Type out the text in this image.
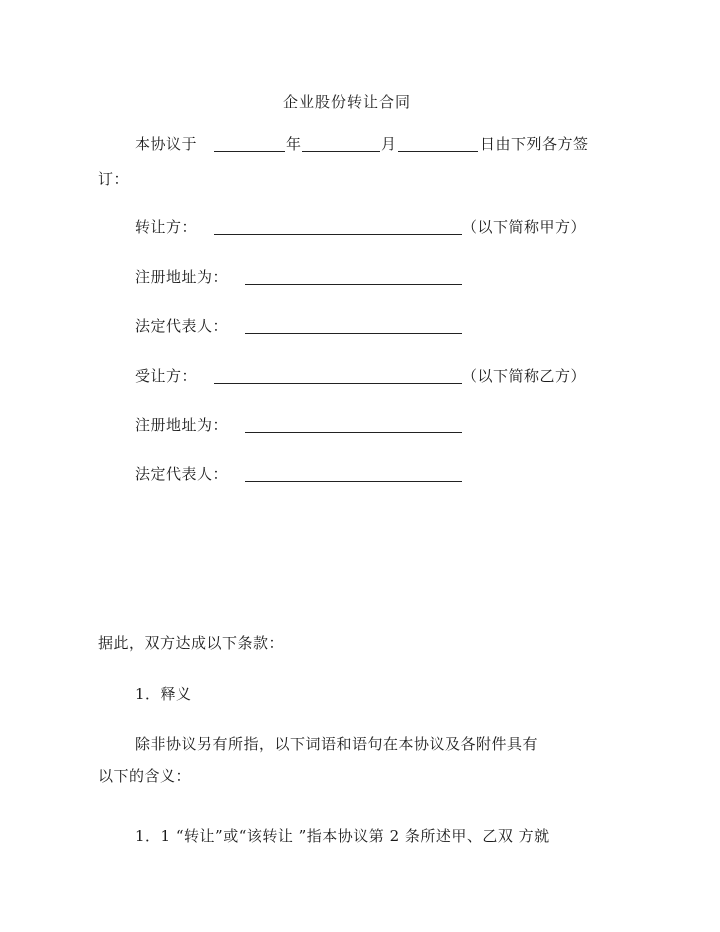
企业股份转让合同
本协议于	年	月	日由下列各方签
订：
转让方：	（以下简称甲方）
注册地址为：
法定代表人：
受让方：	（以下简称乙方）
注册地址为：
法定代表人：
据此，双方达成以下条款：
1．释义
除非协议另有所指，以下词语和语句在本协议及各附件具有
以下的含义：
1．1 “转让”或“该转让 ”指本协议第 2 条所述甲、乙双 方就
